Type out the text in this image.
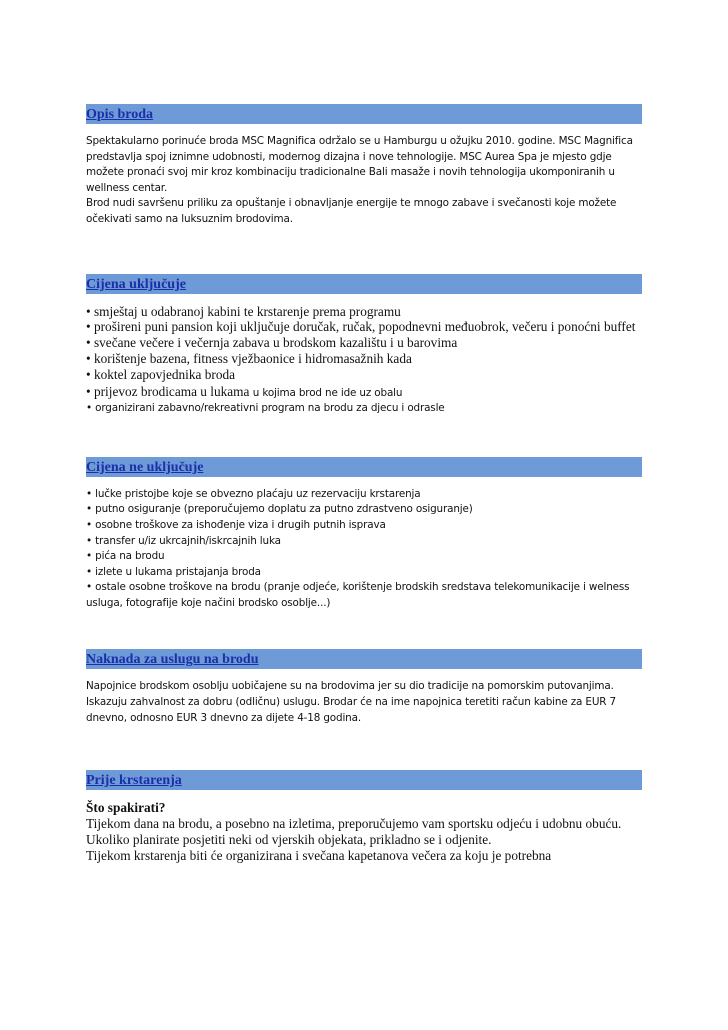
Opis broda

Spektakularno porinuće broda MSC Magnifica održalo se u Hamburgu u ožujku 2010. godine. MSC Magnifica predstavlja spoj iznimne udobnosti, modernog dizajna i nove tehnologije. MSC Aurea Spa je mjesto gdje možete pronaći svoj mir kroz kombinaciju tradicionalne Bali masaže i novih tehnologija ukomponiranih u wellness centar.

Brod nudi savršenu priliku za opuštanje i obnavljanje energije te mnogo zabave i svečanosti koje možete očekivati samo na luksuznim brodovima.

Cijena uključuje
• smještaj u odabranoj kabini te krstarenje prema programu
• prošireni puni pansion koji uključuje doručak, ručak, popodnevni međuobrok, večeru i ponoćni buffet
• svečane večere i večernja zabava u brodskom kazalištu i u barovima
• korištenje bazena, fitness vježbaonice i hidromasažnih kada
• koktel zapovjednika broda
• prijevoz brodicama u lukama u kojima brod ne ide uz obalu
• organizirani zabavno/rekreativni program na brodu za djecu i odrasle
Cijena ne uključuje
• lučke pristojbe koje se obvezno plaćaju uz rezervaciju krstarenja
• putno osiguranje (preporučujemo doplatu za putno zdrastveno osiguranje)
• osobne troškove za ishođenje viza i drugih putnih isprava
• transfer u/iz ukrcajnih/iskrcajnih luka
• pića na brodu
• izlete u lukama pristajanja broda
• ostale osobne troškove na brodu (pranje odjeće, korištenje brodskih sredstava telekomunikacije i welness usluga, fotografije koje načini brodsko osoblje...)
Naknada za uslugu na brodu

Napojnice brodskom osoblju uobičajene su na brodovima jer su dio tradicije na pomorskim putovanjima. Iskazuju zahvalnost za dobru (odličnu) uslugu. Brodar će na ime napojnica teretiti račun kabine za EUR 7 dnevno, odnosno EUR 3 dnevno za dijete 4-18 godina.

Prije krstarenja

Što spakirati?

Tijekom dana na brodu, a posebno na izletima, preporučujemo vam sportsku odjeću i udobnu obuću. Ukoliko planirate posjetiti neki od vjerskih objekata, prikladno se i odjenite.

Tijekom krstarenja biti će organizirana i svečana kapetanova večera za koju je potrebna
